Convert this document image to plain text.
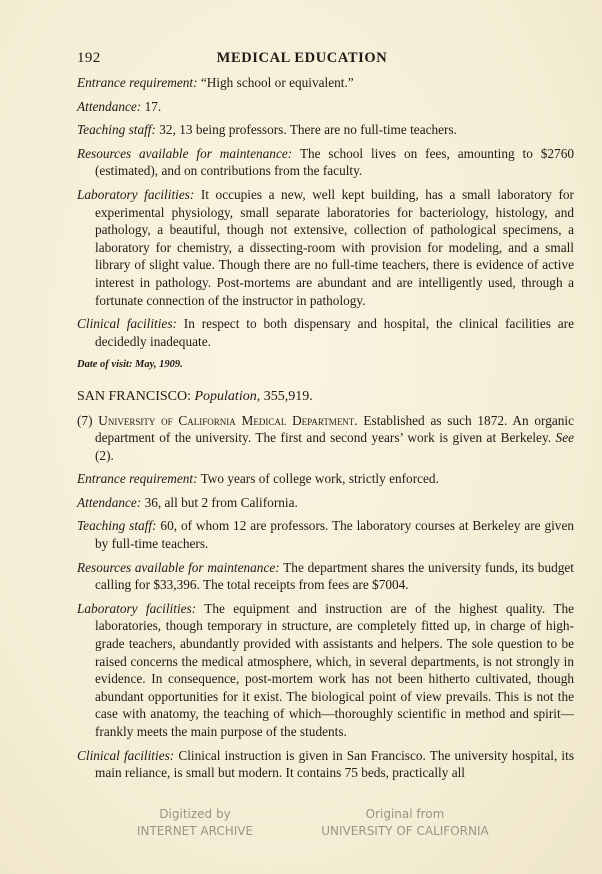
192	MEDICAL EDUCATION
Entrance requirement: “High school or equivalent.”
Attendance: 17.
Teaching staff: 32, 13 being professors. There are no full-time teachers.
Resources available for maintenance: The school lives on fees, amounting to $2760 (estimated), and on contributions from the faculty.
Laboratory facilities: It occupies a new, well kept building, has a small laboratory for experimental physiology, small separate laboratories for bacteriology, histology, and pathology, a beautiful, though not extensive, collection of pathological specimens, a laboratory for chemistry, a dissecting-room with provision for modeling, and a small library of slight value. Though there are no full-time teachers, there is evidence of active interest in pathology. Post-mortems are abundant and are intelligently used, through a fortunate connection of the instructor in pathology.
Clinical facilities: In respect to both dispensary and hospital, the clinical facilities are decidedly inadequate.
Date of visit: May, 1909.
SAN FRANCISCO: Population, 355,919.
(7) University of California Medical Department. Established as such 1872. An organic department of the university. The first and second years’ work is given at Berkeley. See (2).
Entrance requirement: Two years of college work, strictly enforced.
Attendance: 36, all but 2 from California.
Teaching staff: 60, of whom 12 are professors. The laboratory courses at Berkeley are given by full-time teachers.
Resources available for maintenance: The department shares the university funds, its budget calling for $33,396. The total receipts from fees are $7004.
Laboratory facilities: The equipment and instruction are of the highest quality. The laboratories, though temporary in structure, are completely fitted up, in charge of high-grade teachers, abundantly provided with assistants and helpers. The sole question to be raised concerns the medical atmosphere, which, in several departments, is not strongly in evidence. In consequence, post-mortem work has not been hitherto cultivated, though abundant opportunities for it exist. The biological point of view prevails. This is not the case with anatomy, the teaching of which—thoroughly scientific in method and spirit—frankly meets the main purpose of the students.
Clinical facilities: Clinical instruction is given in San Francisco. The university hospital, its main reliance, is small but modern. It contains 75 beds, practically all
Digitized by
INTERNET ARCHIVE
Original from
UNIVERSITY OF CALIFORNIA
